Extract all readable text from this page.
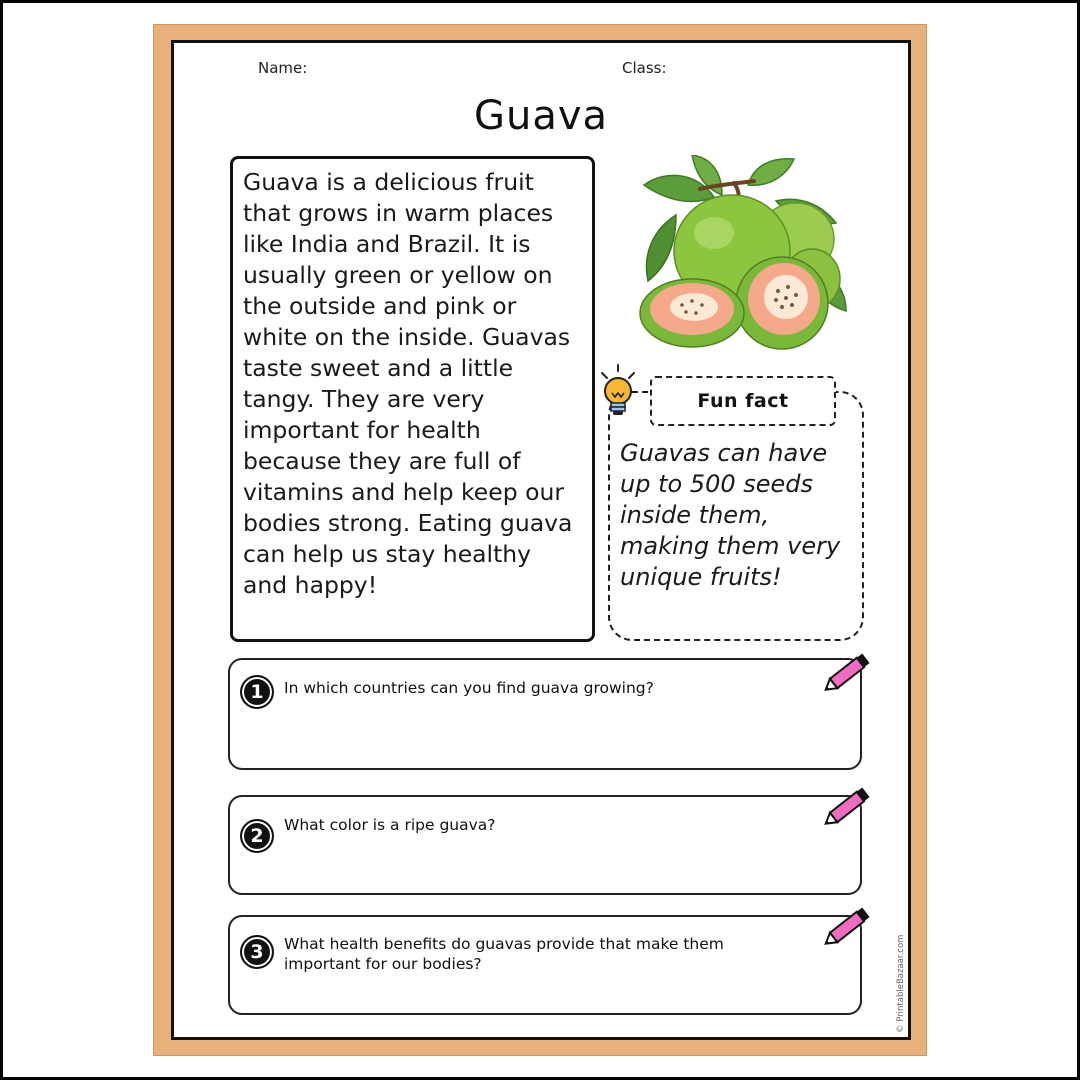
Name:	Class:
Guava

Guava is a delicious fruit that grows in warm places like India and Brazil. It is usually green or yellow on the outside and pink or white on the inside. Guavas taste sweet and a little tangy. They are very important for health because they are full of vitamins and help keep our bodies strong. Eating guava can help us stay healthy and happy!

Fun fact
Guavas can have up to 500 seeds inside them, making them very unique fruits!
1	In which countries can you find guava growing?
2	What color is a ripe guava?
3	What health benefits do guavas provide that make them important for our bodies?	© PrintableBazaar.com
